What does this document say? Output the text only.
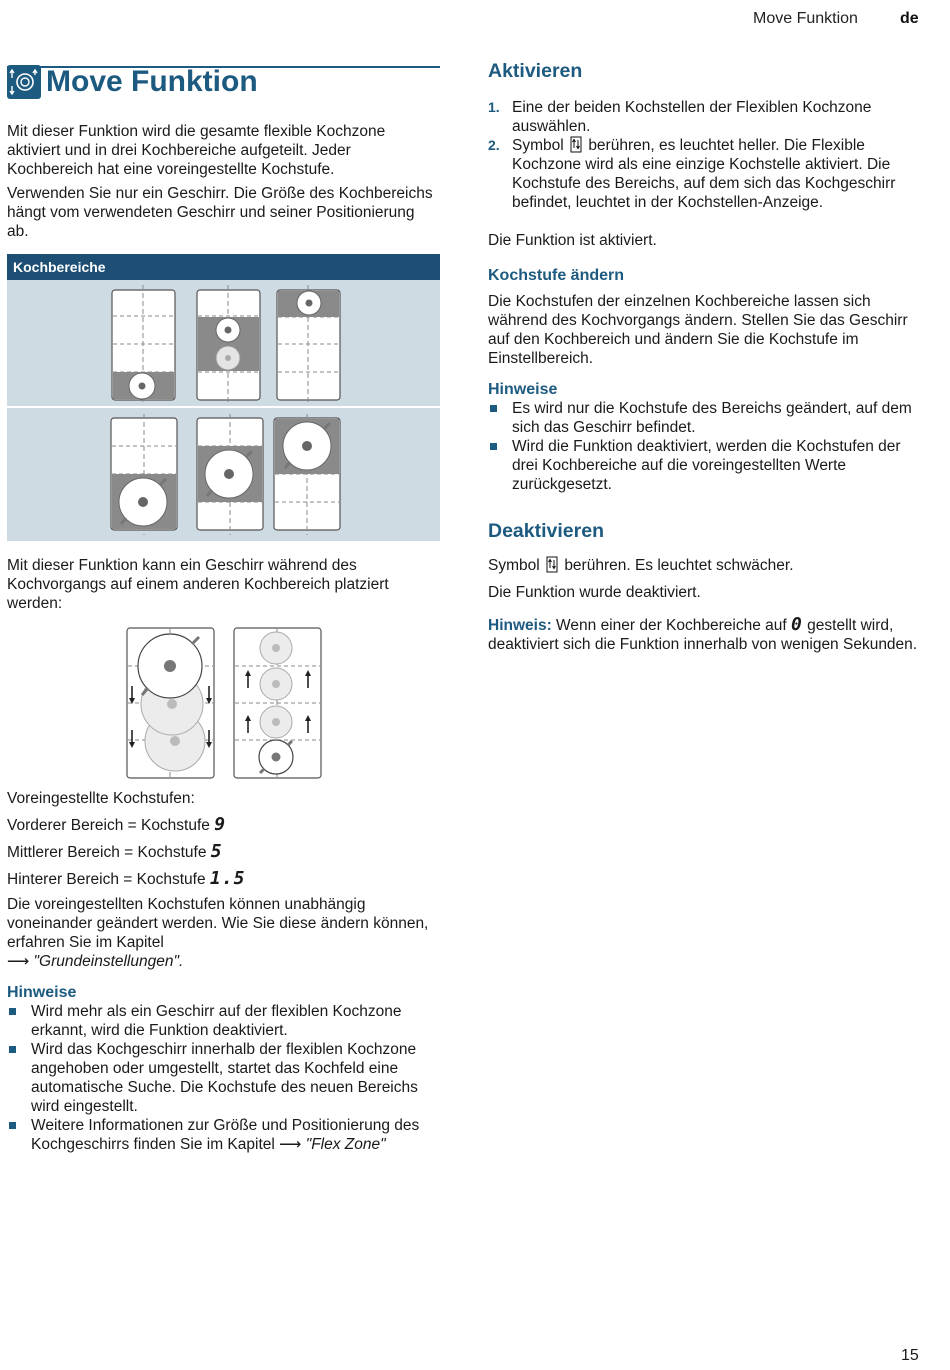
Move Funktion	de
Move Funktion

Mit dieser Funktion wird die gesamte flexible Kochzone aktiviert und in drei Kochbereiche aufgeteilt. Jeder Kochbereich hat eine voreingestellte Kochstufe.

Verwenden Sie nur ein Geschirr. Die Größe des Kochbereichs hängt vom verwendeten Geschirr und seiner Positionierung ab.

Kochbereiche

Mit dieser Funktion kann ein Geschirr während des Kochvorgangs auf einem anderen Kochbereich platziert werden:

Voreingestellte Kochstufen:

Vorderer Bereich = Kochstufe 9

Mittlerer Bereich = Kochstufe 5

Hinterer Bereich = Kochstufe 1.5

Die voreingestellten Kochstufen können unabhängig voneinander geändert werden. Wie Sie diese ändern können, erfahren Sie im Kapitel
⟶ "Grundeinstellungen".

Hinweise
Wird mehr als ein Geschirr auf der flexiblen Kochzone erkannt, wird die Funktion deaktiviert.
Wird das Kochgeschirr innerhalb der flexiblen Kochzone angehoben oder umgestellt, startet das Kochfeld eine automatische Suche. Die Kochstufe des neuen Bereichs wird eingestellt.
Weitere Informationen zur Größe und Positionierung des Kochgeschirrs finden Sie im Kapitel ⟶ "Flex Zone"
Aktivieren
1. Eine der beiden Kochstellen der Flexiblen Kochzone auswählen.
2. Symbol berühren, es leuchtet heller. Die Flexible Kochzone wird als eine einzige Kochstelle aktiviert. Die Kochstufe des Bereichs, auf dem sich das Kochgeschirr befindet, leuchtet in der Kochstellen-Anzeige.

Die Funktion ist aktiviert.

Kochstufe ändern

Die Kochstufen der einzelnen Kochbereiche lassen sich während des Kochvorgangs ändern. Stellen Sie das Geschirr auf den Kochbereich und ändern Sie die Kochstufe im Einstellbereich.

Hinweise
Es wird nur die Kochstufe des Bereichs geändert, auf dem sich das Geschirr befindet.
Wird die Funktion deaktiviert, werden die Kochstufen der drei Kochbereiche auf die voreingestellten Werte zurückgesetzt.
Deaktivieren

Symbol berühren. Es leuchtet schwächer.

Die Funktion wurde deaktiviert.

Hinweis: Wenn einer der Kochbereiche auf 0 gestellt wird, deaktiviert sich die Funktion innerhalb von wenigen Sekunden.

15
